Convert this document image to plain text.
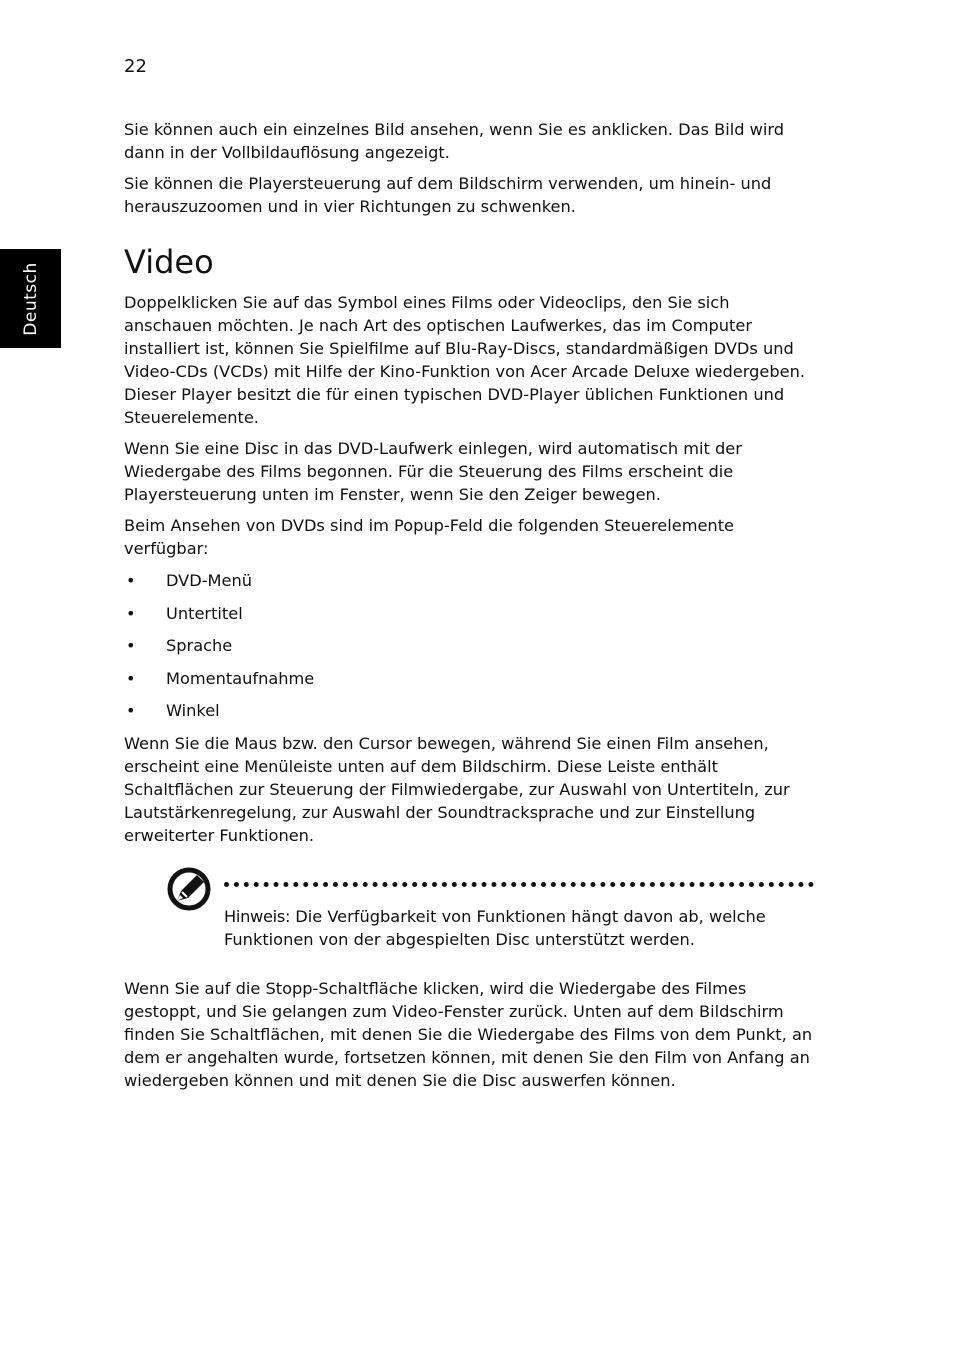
22
Deutsch

Sie können auch ein einzelnes Bild ansehen, wenn Sie es anklicken. Das Bild wird dann in der Vollbildauflösung angezeigt.

Sie können die Playersteuerung auf dem Bildschirm verwenden, um hinein- und herauszuzoomen und in vier Richtungen zu schwenken.

Video

Doppelklicken Sie auf das Symbol eines Films oder Videoclips, den Sie sich anschauen möchten. Je nach Art des optischen Laufwerkes, das im Computer installiert ist, können Sie Spielfilme auf Blu-Ray-Discs, standardmäßigen DVDs und Video-CDs (VCDs) mit Hilfe der Kino-Funktion von Acer Arcade Deluxe wiedergeben. Dieser Player besitzt die für einen typischen DVD-Player üblichen Funktionen und Steuerelemente.

Wenn Sie eine Disc in das DVD-Laufwerk einlegen, wird automatisch mit der Wiedergabe des Films begonnen. Für die Steuerung des Films erscheint die Playersteuerung unten im Fenster, wenn Sie den Zeiger bewegen.

Beim Ansehen von DVDs sind im Popup-Feld die folgenden Steuerelemente verfügbar:

• DVD-Menü
• Untertitel
• Sprache
• Momentaufnahme
• Winkel

Wenn Sie die Maus bzw. den Cursor bewegen, während Sie einen Film ansehen, erscheint eine Menüleiste unten auf dem Bildschirm. Diese Leiste enthält Schaltflächen zur Steuerung der Filmwiedergabe, zur Auswahl von Untertiteln, zur Lautstärkenregelung, zur Auswahl der Soundtracksprache und zur Einstellung erweiterter Funktionen.

Hinweis: Die Verfügbarkeit von Funktionen hängt davon ab, welche Funktionen von der abgespielten Disc unterstützt werden.

Wenn Sie auf die Stopp-Schaltfläche klicken, wird die Wiedergabe des Filmes gestoppt, und Sie gelangen zum Video-Fenster zurück. Unten auf dem Bildschirm finden Sie Schaltflächen, mit denen Sie die Wiedergabe des Films von dem Punkt, an dem er angehalten wurde, fortsetzen können, mit denen Sie den Film von Anfang an wiedergeben können und mit denen Sie die Disc auswerfen können.
